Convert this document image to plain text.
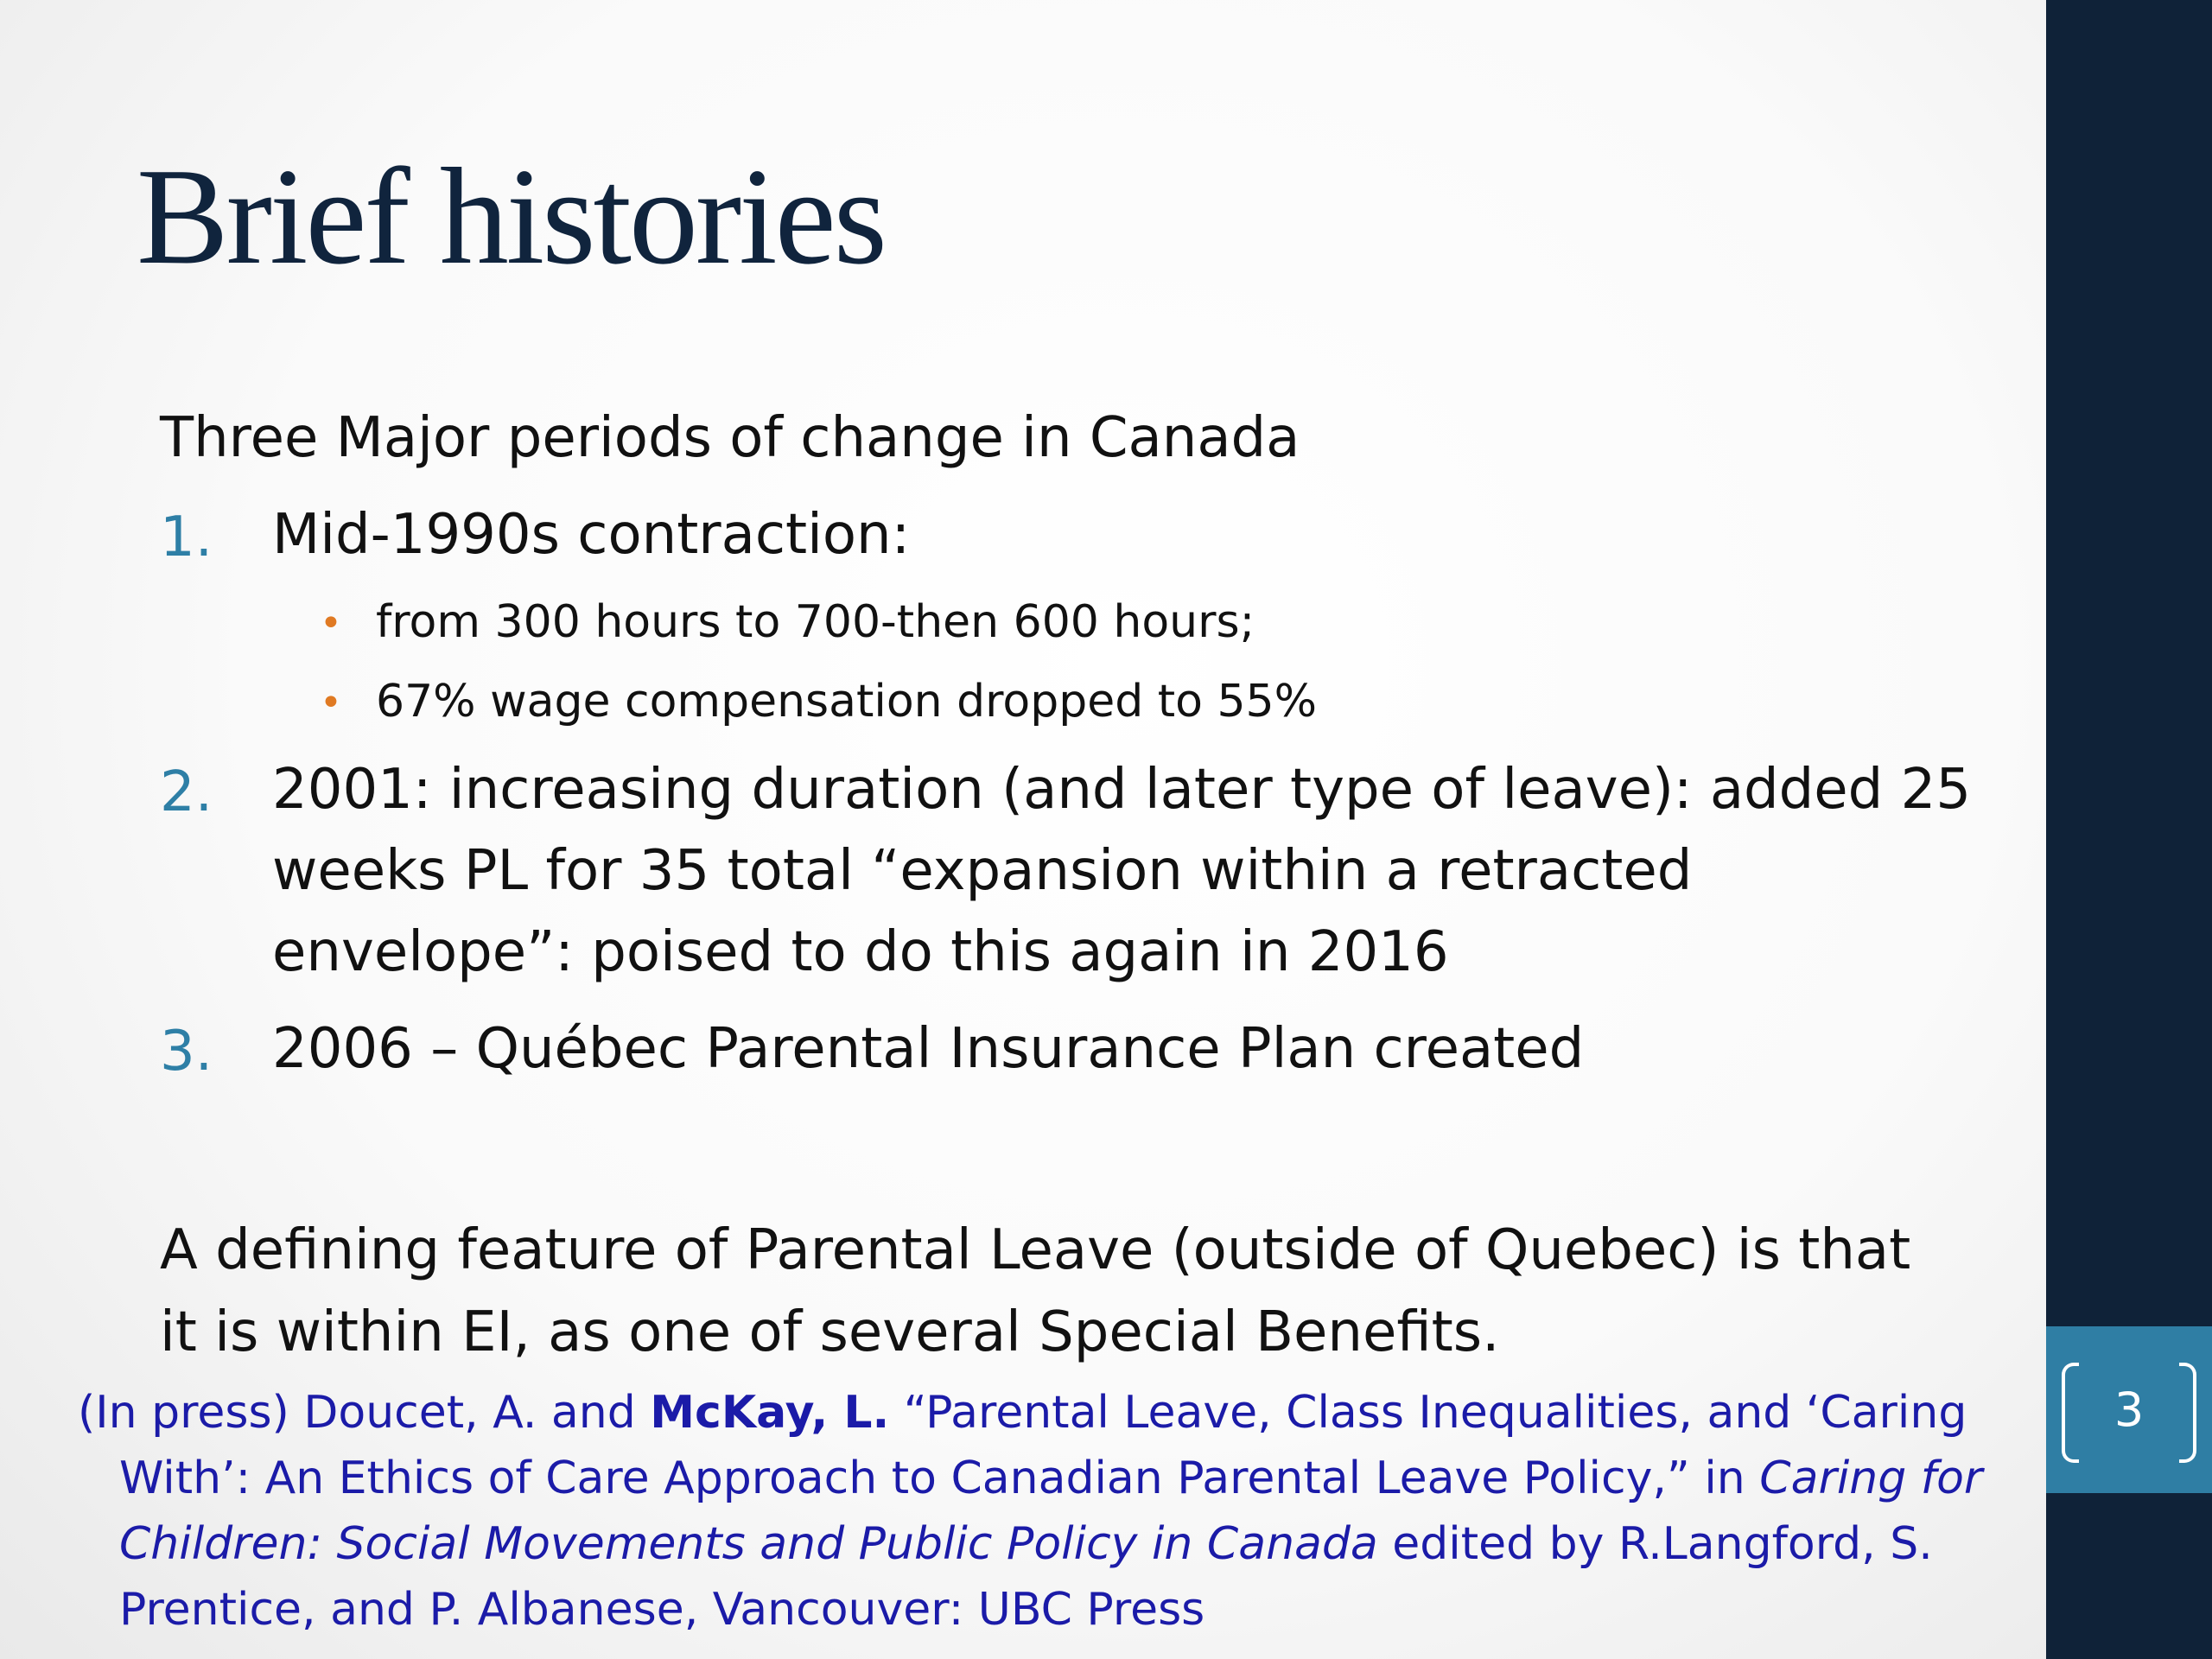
3
Brief histories
Three Major periods of change in Canada
1. Mid-1990s contraction:
• from 300 hours to 700-then 600 hours;
• 67% wage compensation dropped to 55%
2. 2001: increasing duration (and later type of leave): added 25
weeks PL for 35 total “expansion within a retracted
envelope”: poised to do this again in 2016
3. 2006 – Québec Parental Insurance Plan created
A defining feature of Parental Leave (outside of Quebec) is that
it is within EI, as one of several Special Benefits.
(In press) Doucet, A. and McKay, L. “Parental Leave, Class Inequalities, and ‘Caring With’: An Ethics of Care Approach to Canadian Parental Leave Policy,” in Caring for Children: Social Movements and Public Policy in Canada edited by R.Langford, S. Prentice, and P. Albanese, Vancouver: UBC Press
